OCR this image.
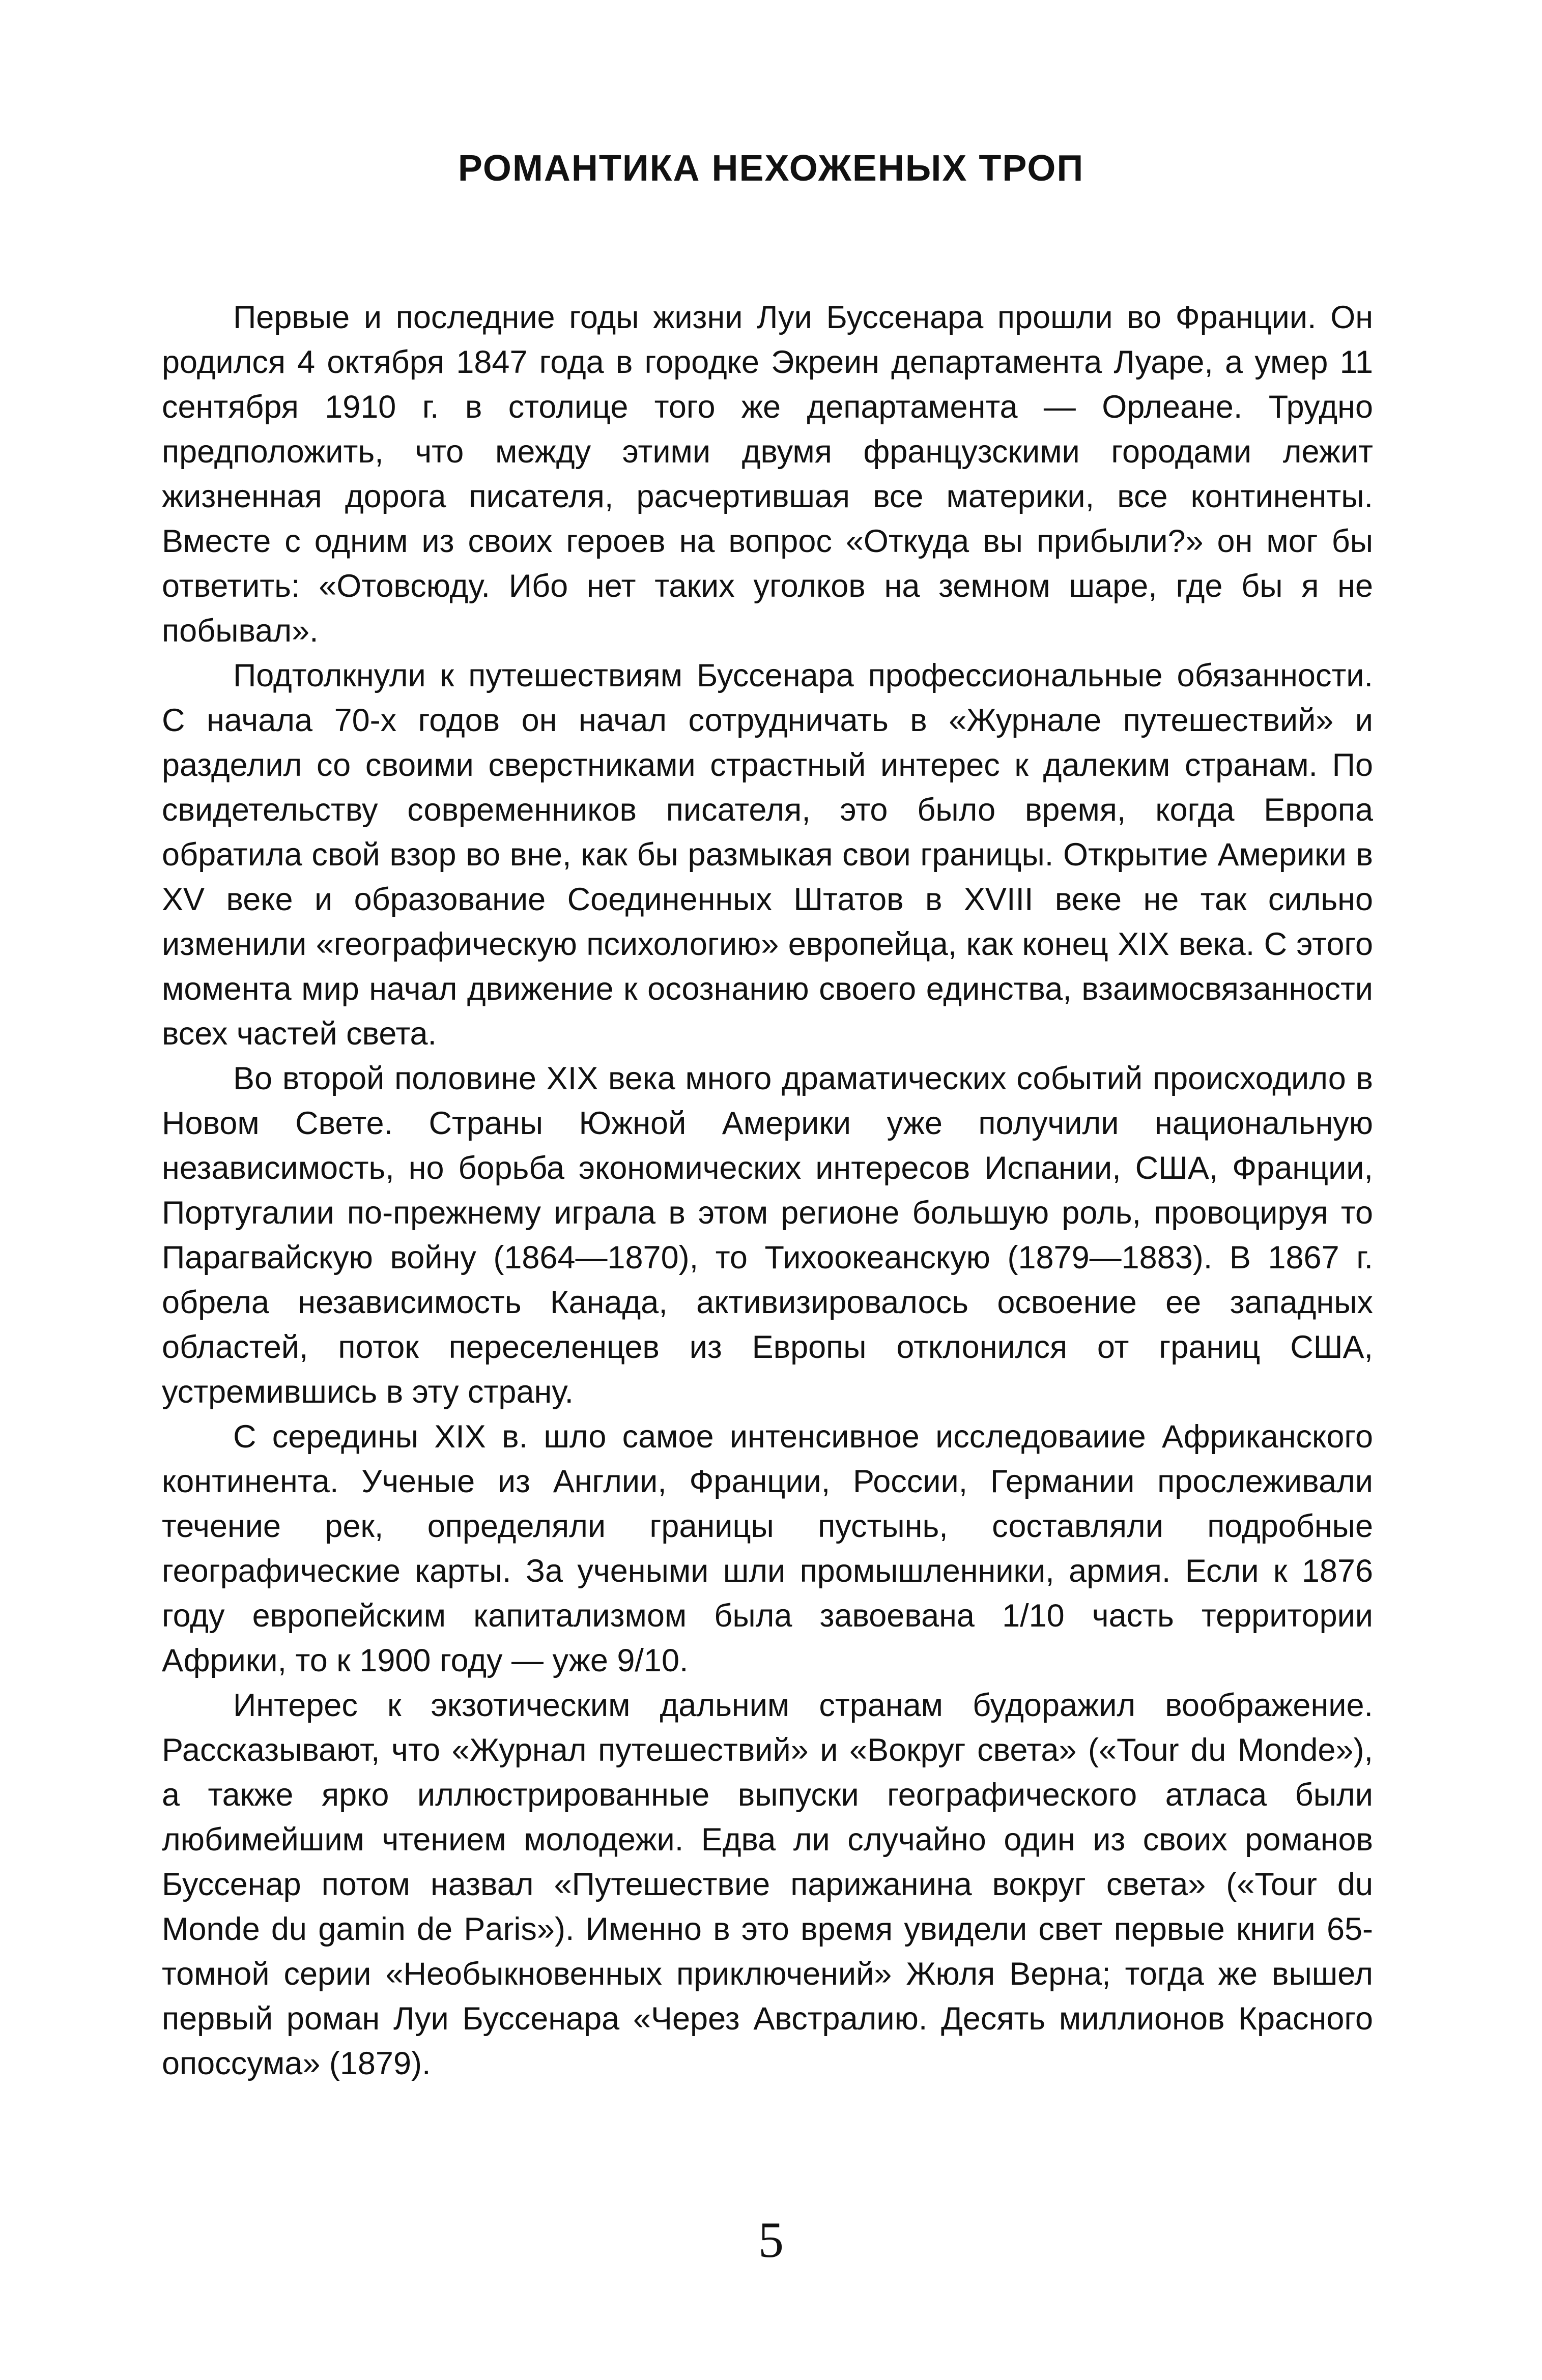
РОМАНТИКА НЕХОЖЕНЫХ ТРОП

Первые и последние годы жизни Луи Буссенара прошли во Франции. Он родился 4 октября 1847 года в городке Экреин департамента Луаре, а умер 11 сентября 1910 г. в столице того же департамента — Орлеане. Трудно предположить, что между этими двумя французскими городами лежит жизненная дорога писателя, расчертившая все материки, все континенты. Вместе с одним из своих героев на вопрос «Откуда вы прибыли?» он мог бы ответить: «Отовсюду. Ибо нет таких уголков на земном шаре, где бы я не побывал».

Подтолкнули к путешествиям Буссенара профессиональные обязанности. С начала 70-х годов он начал сотрудничать в «Журнале путешествий» и разделил со своими сверстниками страстный интерес к далеким странам. По свидетельству современников писателя, это было время, когда Европа обратила свой взор во вне, как бы размыкая свои границы. Открытие Америки в XV веке и образование Соединенных Штатов в XVIII веке не так сильно изменили «географическую психологию» европейца, как конец XIX века. С этого момента мир начал движение к осознанию своего единства, взаимосвязанности всех частей света.

Во второй половине XIX века много драматических событий происходило в Новом Свете. Страны Южной Америки уже получили национальную независимость, но борьба экономических интересов Испании, США, Франции, Португалии по-прежнему играла в этом регионе большую роль, провоцируя то Парагвайскую войну (1864—1870), то Тихоокеанскую (1879—1883). В 1867 г. обрела независимость Канада, активизировалось освоение ее западных областей, поток переселенцев из Европы отклонился от границ США, устремившись в эту страну.

С середины XIX в. шло самое интенсивное исследоваиие Африканского континента. Ученые из Англии, Франции, России, Германии прослеживали течение рек, определяли границы пустынь, составляли подробные географические карты. За учеными шли промышленники, армия. Если к 1876 году европейским капитализмом была завоевана 1/10 часть территории Африки, то к 1900 году — уже 9/10.

Интерес к экзотическим дальним странам будоражил воображение. Рассказывают, что «Журнал путешествий» и «Вокруг света» («Tour du Monde»), а также ярко иллюстрированные выпуски географического атласа были любимейшим чтением молодежи. Едва ли случайно один из своих романов Буссенар потом назвал «Путешествие парижанина вокруг света» («Tour du Monde du gamin de Paris»). Именно в это время увидели свет первые книги 65-томной серии «Необыкновенных приключений» Жюля Верна; тогда же вышел первый роман Луи Буссенара «Через Австралию. Десять миллионов Красного опоссума» (1879).

5
